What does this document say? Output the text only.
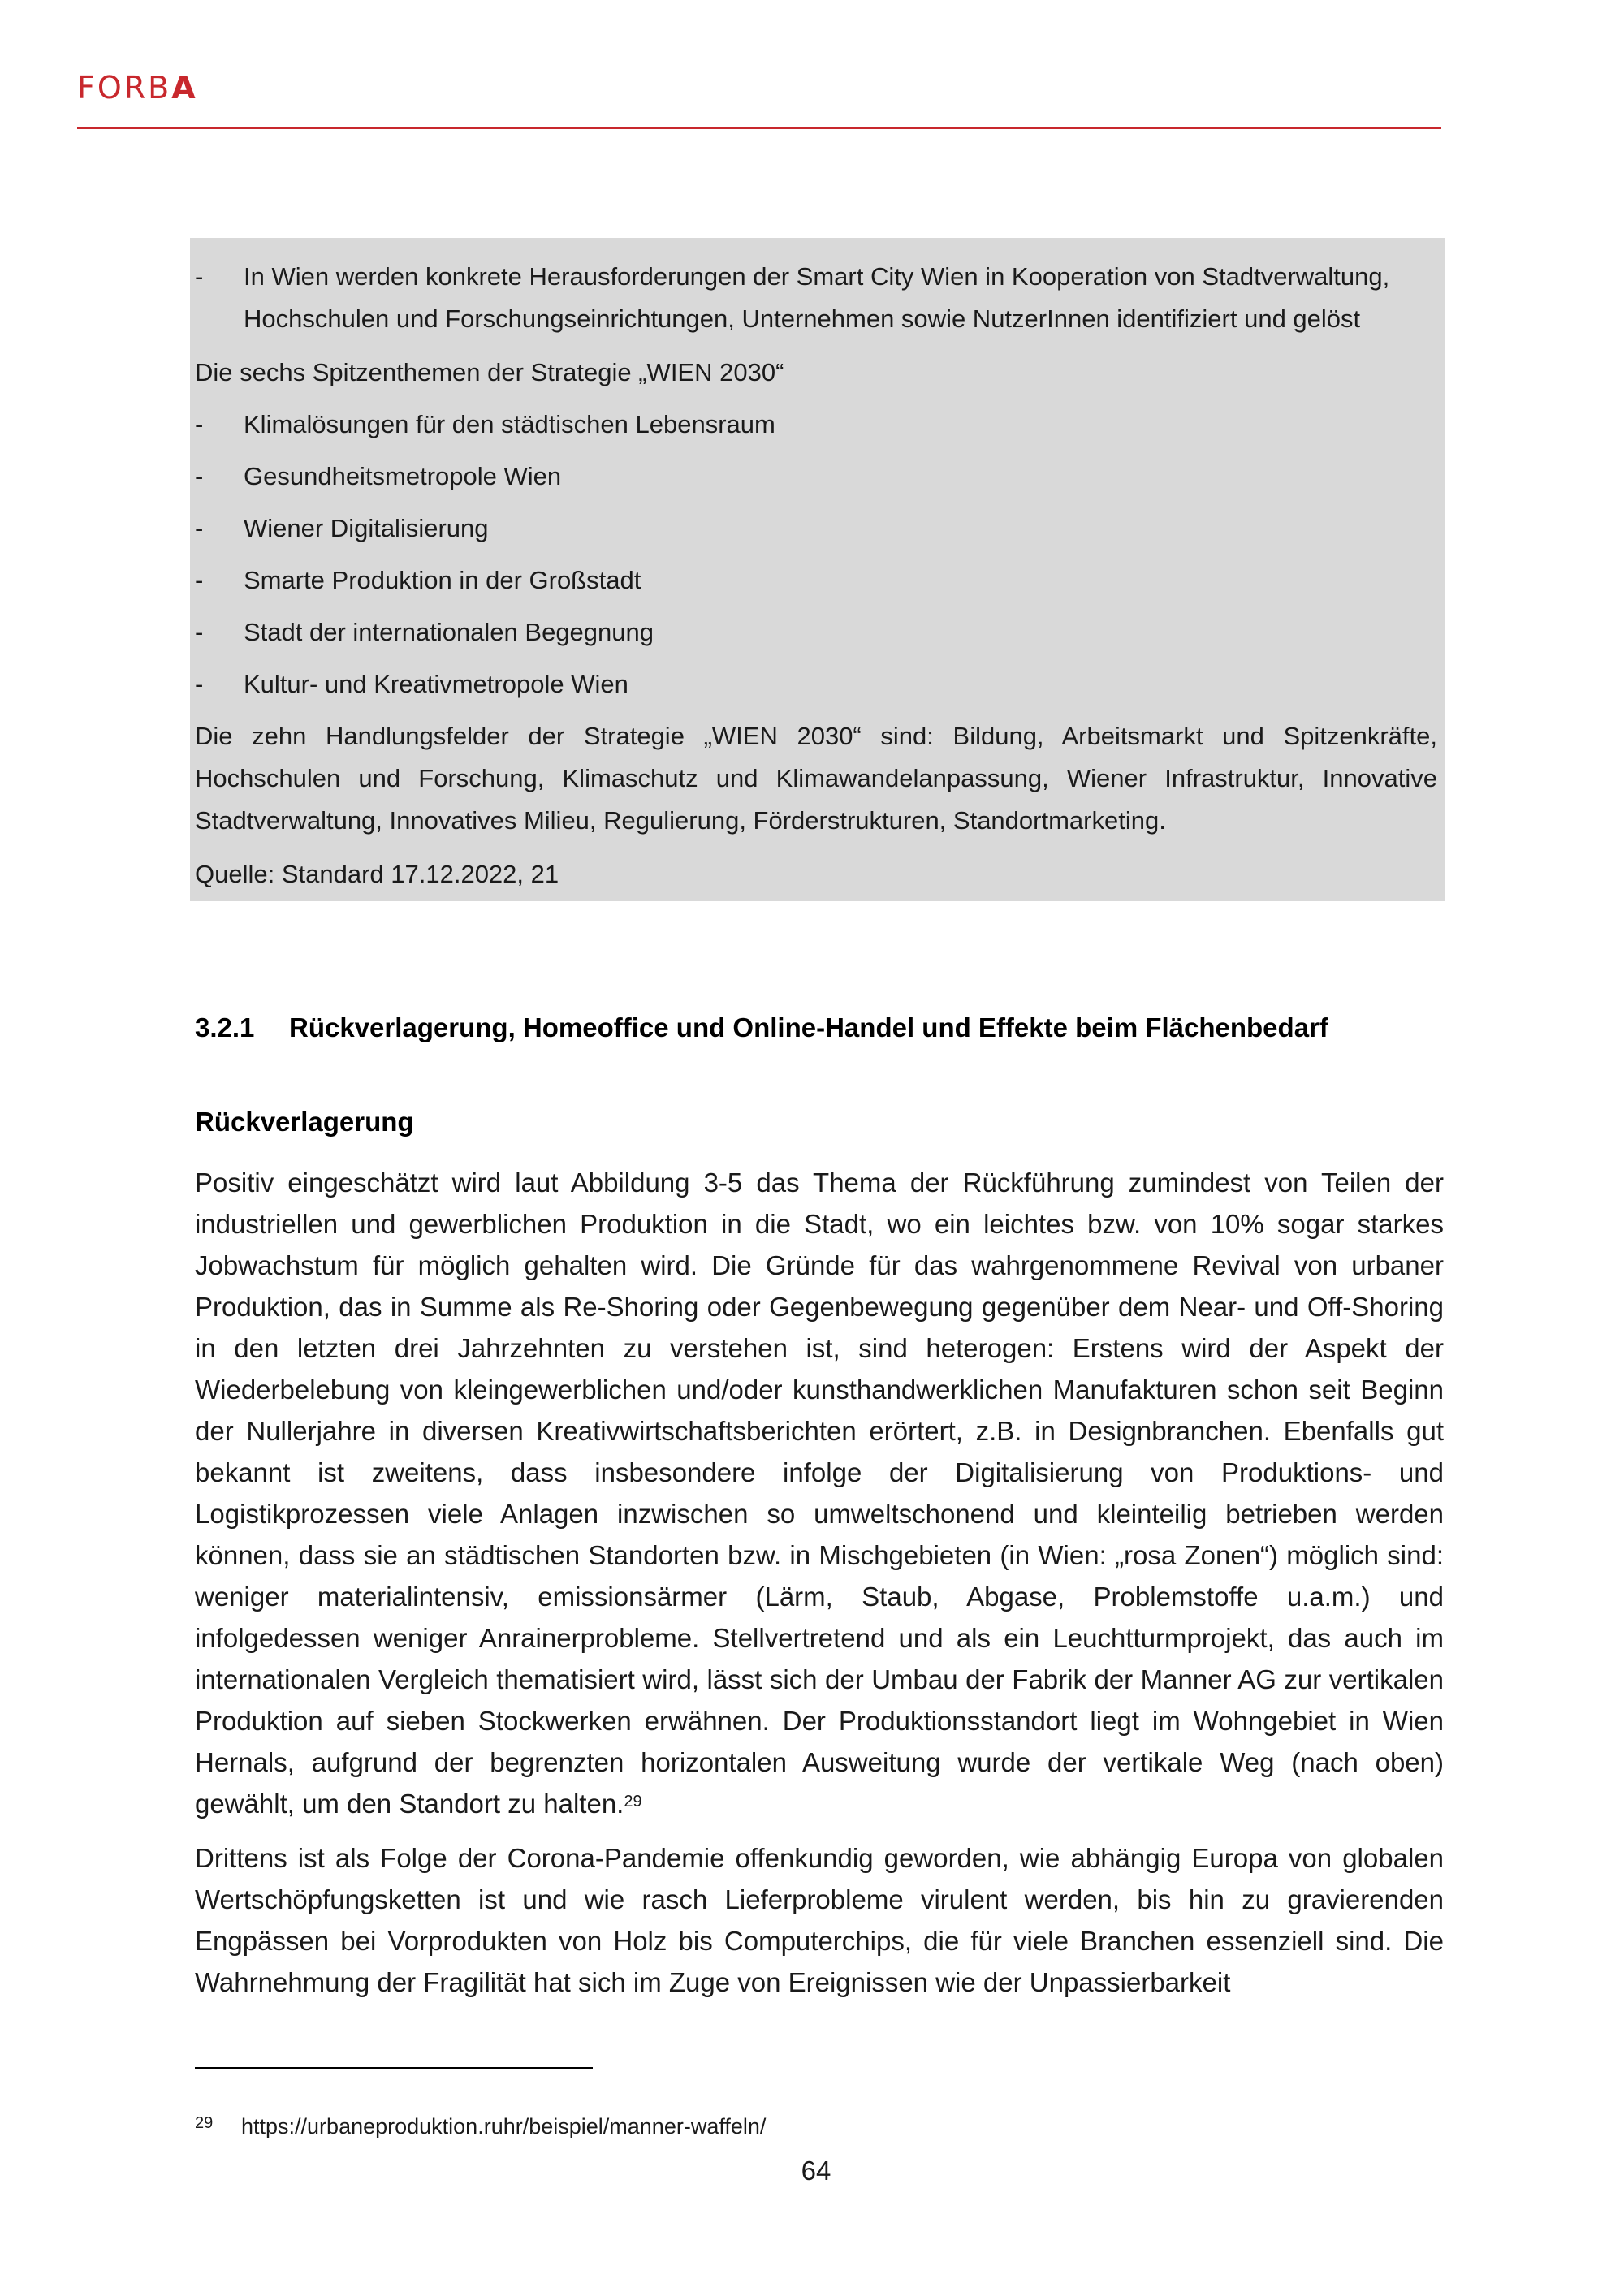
FORBA
- In Wien werden konkrete Herausforderungen der Smart City Wien in Kooperation von Stadtverwaltung, Hochschulen und Forschungseinrichtungen, Unternehmen sowie NutzerInnen identifiziert und gelöst
Die sechs Spitzenthemen der Strategie „WIEN 2030“
- Klimalösungen für den städtischen Lebensraum
- Gesundheitsmetropole Wien
- Wiener Digitalisierung
- Smarte Produktion in der Großstadt
- Stadt der internationalen Begegnung
- Kultur- und Kreativmetropole Wien
Die zehn Handlungsfelder der Strategie „WIEN 2030“ sind: Bildung, Arbeitsmarkt und Spitzenkräfte, Hochschulen und Forschung, Klimaschutz und Klimawandelanpassung, Wiener Infrastruktur, Innovative Stadtverwaltung, Innovatives Milieu, Regulierung, Förderstrukturen, Standortmarketing.
Quelle: Standard 17.12.2022, 21
3.2.1 Rückverlagerung, Homeoffice und Online-Handel und Effekte beim Flächenbedarf
Rückverlagerung

Positiv eingeschätzt wird laut Abbildung 3-5 das Thema der Rückführung zumindest von Teilen der industriellen und gewerblichen Produktion in die Stadt, wo ein leichtes bzw. von 10% sogar starkes Jobwachstum für möglich gehalten wird. Die Gründe für das wahrgenommene Revival von urbaner Produktion, das in Summe als Re-Shoring oder Gegenbewegung gegenüber dem Near- und Off-Shoring in den letzten drei Jahrzehnten zu verstehen ist, sind heterogen: Erstens wird der Aspekt der Wiederbelebung von kleingewerblichen und/oder kunsthandwerklichen Manufakturen schon seit Beginn der Nullerjahre in diversen Kreativwirtschaftsberichten erörtert, z.B. in Designbranchen. Ebenfalls gut bekannt ist zweitens, dass insbesondere infolge der Digitalisierung von Produktions- und Logistikprozessen viele Anlagen inzwischen so umweltschonend und kleinteilig betrieben werden können, dass sie an städtischen Standorten bzw. in Mischgebieten (in Wien: „rosa Zonen“) möglich sind: weniger materialintensiv, emissionsärmer (Lärm, Staub, Abgase, Problemstoffe u.a.m.) und infolgedessen weniger Anrainerprobleme. Stellvertretend und als ein Leuchtturmprojekt, das auch im internationalen Vergleich thematisiert wird, lässt sich der Umbau der Fabrik der Manner AG zur vertikalen Produktion auf sieben Stockwerken erwähnen. Der Produktionsstandort liegt im Wohngebiet in Wien Hernals, aufgrund der begrenzten horizontalen Ausweitung wurde der vertikale Weg (nach oben) gewählt, um den Standort zu halten.$^{29}$

Drittens ist als Folge der Corona-Pandemie offenkundig geworden, wie abhängig Europa von globalen Wertschöpfungsketten ist und wie rasch Lieferprobleme virulent werden, bis hin zu gravierenden Engpässen bei Vorprodukten von Holz bis Computerchips, die für viele Branchen essenziell sind. Die Wahrnehmung der Fragilität hat sich im Zuge von Ereignissen wie der Unpassierbarkeit

29 https://urbaneproduktion.ruhr/beispiel/manner-waffeln/
64
